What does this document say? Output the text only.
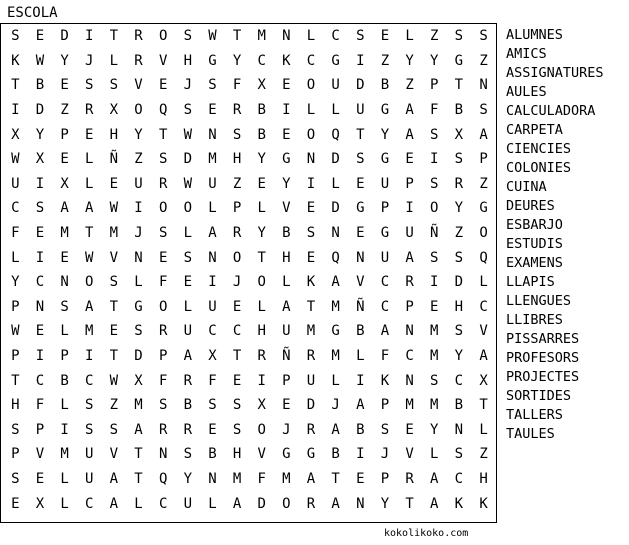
ESCOLA
S	E	D	I	T	R	O	S	W	T	M	N	L	C	S	E	L	Z	S	S
K	W	Y	J	L	R	V	H	G	Y	C	K	C	G	I	Z	Y	Y	G	Z
T	B	E	S	S	V	E	J	S	F	X	E	O	U	D	B	Z	P	T	N
I	D	Z	R	X	O	Q	S	E	R	B	I	L	L	U	G	A	F	B	S
X	Y	P	E	H	Y	T	W	N	S	B	E	O	Q	T	Y	A	S	X	A
W	X	E	L	Ñ	Z	S	D	M	H	Y	G	N	D	S	G	E	I	S	P
U	I	X	L	E	U	R	W	U	Z	E	Y	I	L	E	U	P	S	R	Z
C	S	A	A	W	I	O	O	L	P	L	V	E	D	G	P	I	O	Y	G
F	E	M	T	M	J	S	L	A	R	Y	B	S	N	E	G	U	Ñ	Z	O
L	I	E	W	V	N	E	S	N	O	T	H	E	Q	N	U	A	S	S	Q
Y	C	N	O	S	L	F	E	I	J	O	L	K	A	V	C	R	I	D	L
P	N	S	A	T	G	O	L	U	E	L	A	T	M	Ñ	C	P	E	H	C
W	E	L	M	E	S	R	U	C	C	H	U	M	G	B	A	N	M	S	V
P	I	P	I	T	D	P	A	X	T	R	Ñ	R	M	L	F	C	M	Y	A
T	C	B	C	W	X	F	R	F	E	I	P	U	L	I	K	N	S	C	X
H	F	L	S	Z	M	S	B	S	S	X	E	D	J	A	P	M	M	B	T
S	P	I	S	S	A	R	R	E	S	O	J	R	A	B	S	E	Y	N	L
P	V	M	U	V	T	N	S	B	H	V	G	G	B	I	J	V	L	S	Z
S	E	L	U	A	T	Q	Y	N	M	F	M	A	T	E	P	R	A	C	H
E	X	L	C	A	L	C	U	L	A	D	O	R	A	N	Y	T	A	K	K
ALUMNES
AMICS
ASSIGNATURES
AULES
CALCULADORA
CARPETA
CIENCIES
COLONIES
CUINA
DEURES
ESBARJO
ESTUDIS
EXAMENS
LLAPIS
LLENGUES
LLIBRES
PISSARRES
PROFESORS
PROJECTES
SORTIDES
TALLERS
TAULES
kokolikoko.com
